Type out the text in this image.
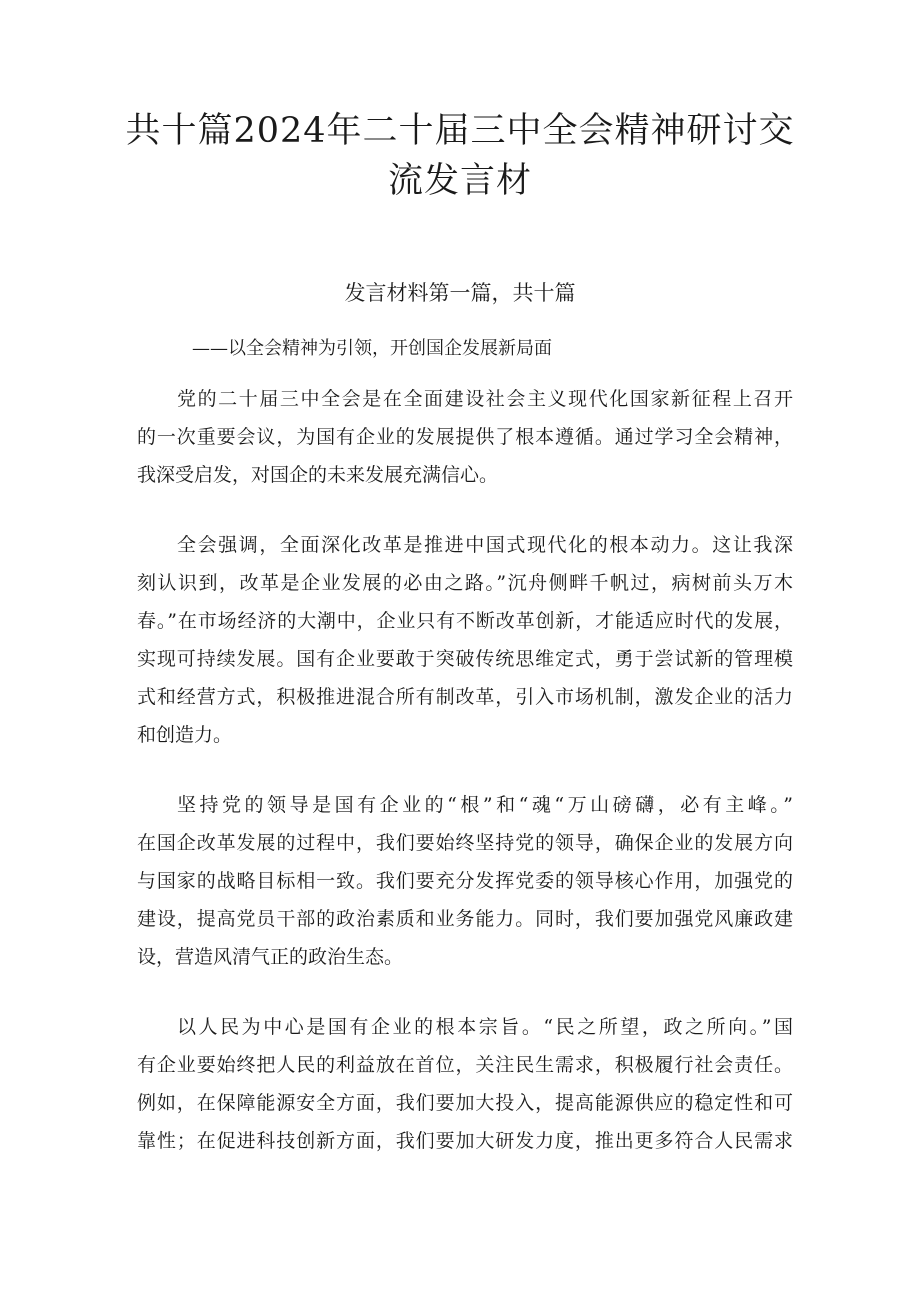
共十篇2024年二十届三中全会精神研讨交
流发言材
发言材料第一篇，共十篇

——以全会精神为引领，开创国企发展新局面

党的二十届三中全会是在全面建设社会主义现代化国家新征程上召开
的一次重要会议，为国有企业的发展提供了根本遵循。通过学习全会精神，
我深受启发，对国企的未来发展充满信心。

全会强调，全面深化改革是推进中国式现代化的根本动力。这让我深
刻认识到，改革是企业发展的必由之路。”沉舟侧畔千帆过，病树前头万木
春。”在市场经济的大潮中，企业只有不断改革创新，才能适应时代的发展，
实现可持续发展。国有企业要敢于突破传统思维定式，勇于尝试新的管理模
式和经营方式，积极推进混合所有制改革，引入市场机制，激发企业的活力
和创造力。

坚持党的领导是国有企业的“根”和“魂“万山磅礴，必有主峰。”
在国企改革发展的过程中，我们要始终坚持党的领导，确保企业的发展方向
与国家的战略目标相一致。我们要充分发挥党委的领导核心作用，加强党的
建设，提高党员干部的政治素质和业务能力。同时，我们要加强党风廉政建
设，营造风清气正的政治生态。

以人民为中心是国有企业的根本宗旨。“民之所望，政之所向。”国
有企业要始终把人民的利益放在首位，关注民生需求，积极履行社会责任。
例如，在保障能源安全方面，我们要加大投入，提高能源供应的稳定性和可
靠性；在促进科技创新方面，我们要加大研发力度，推出更多符合人民需求
